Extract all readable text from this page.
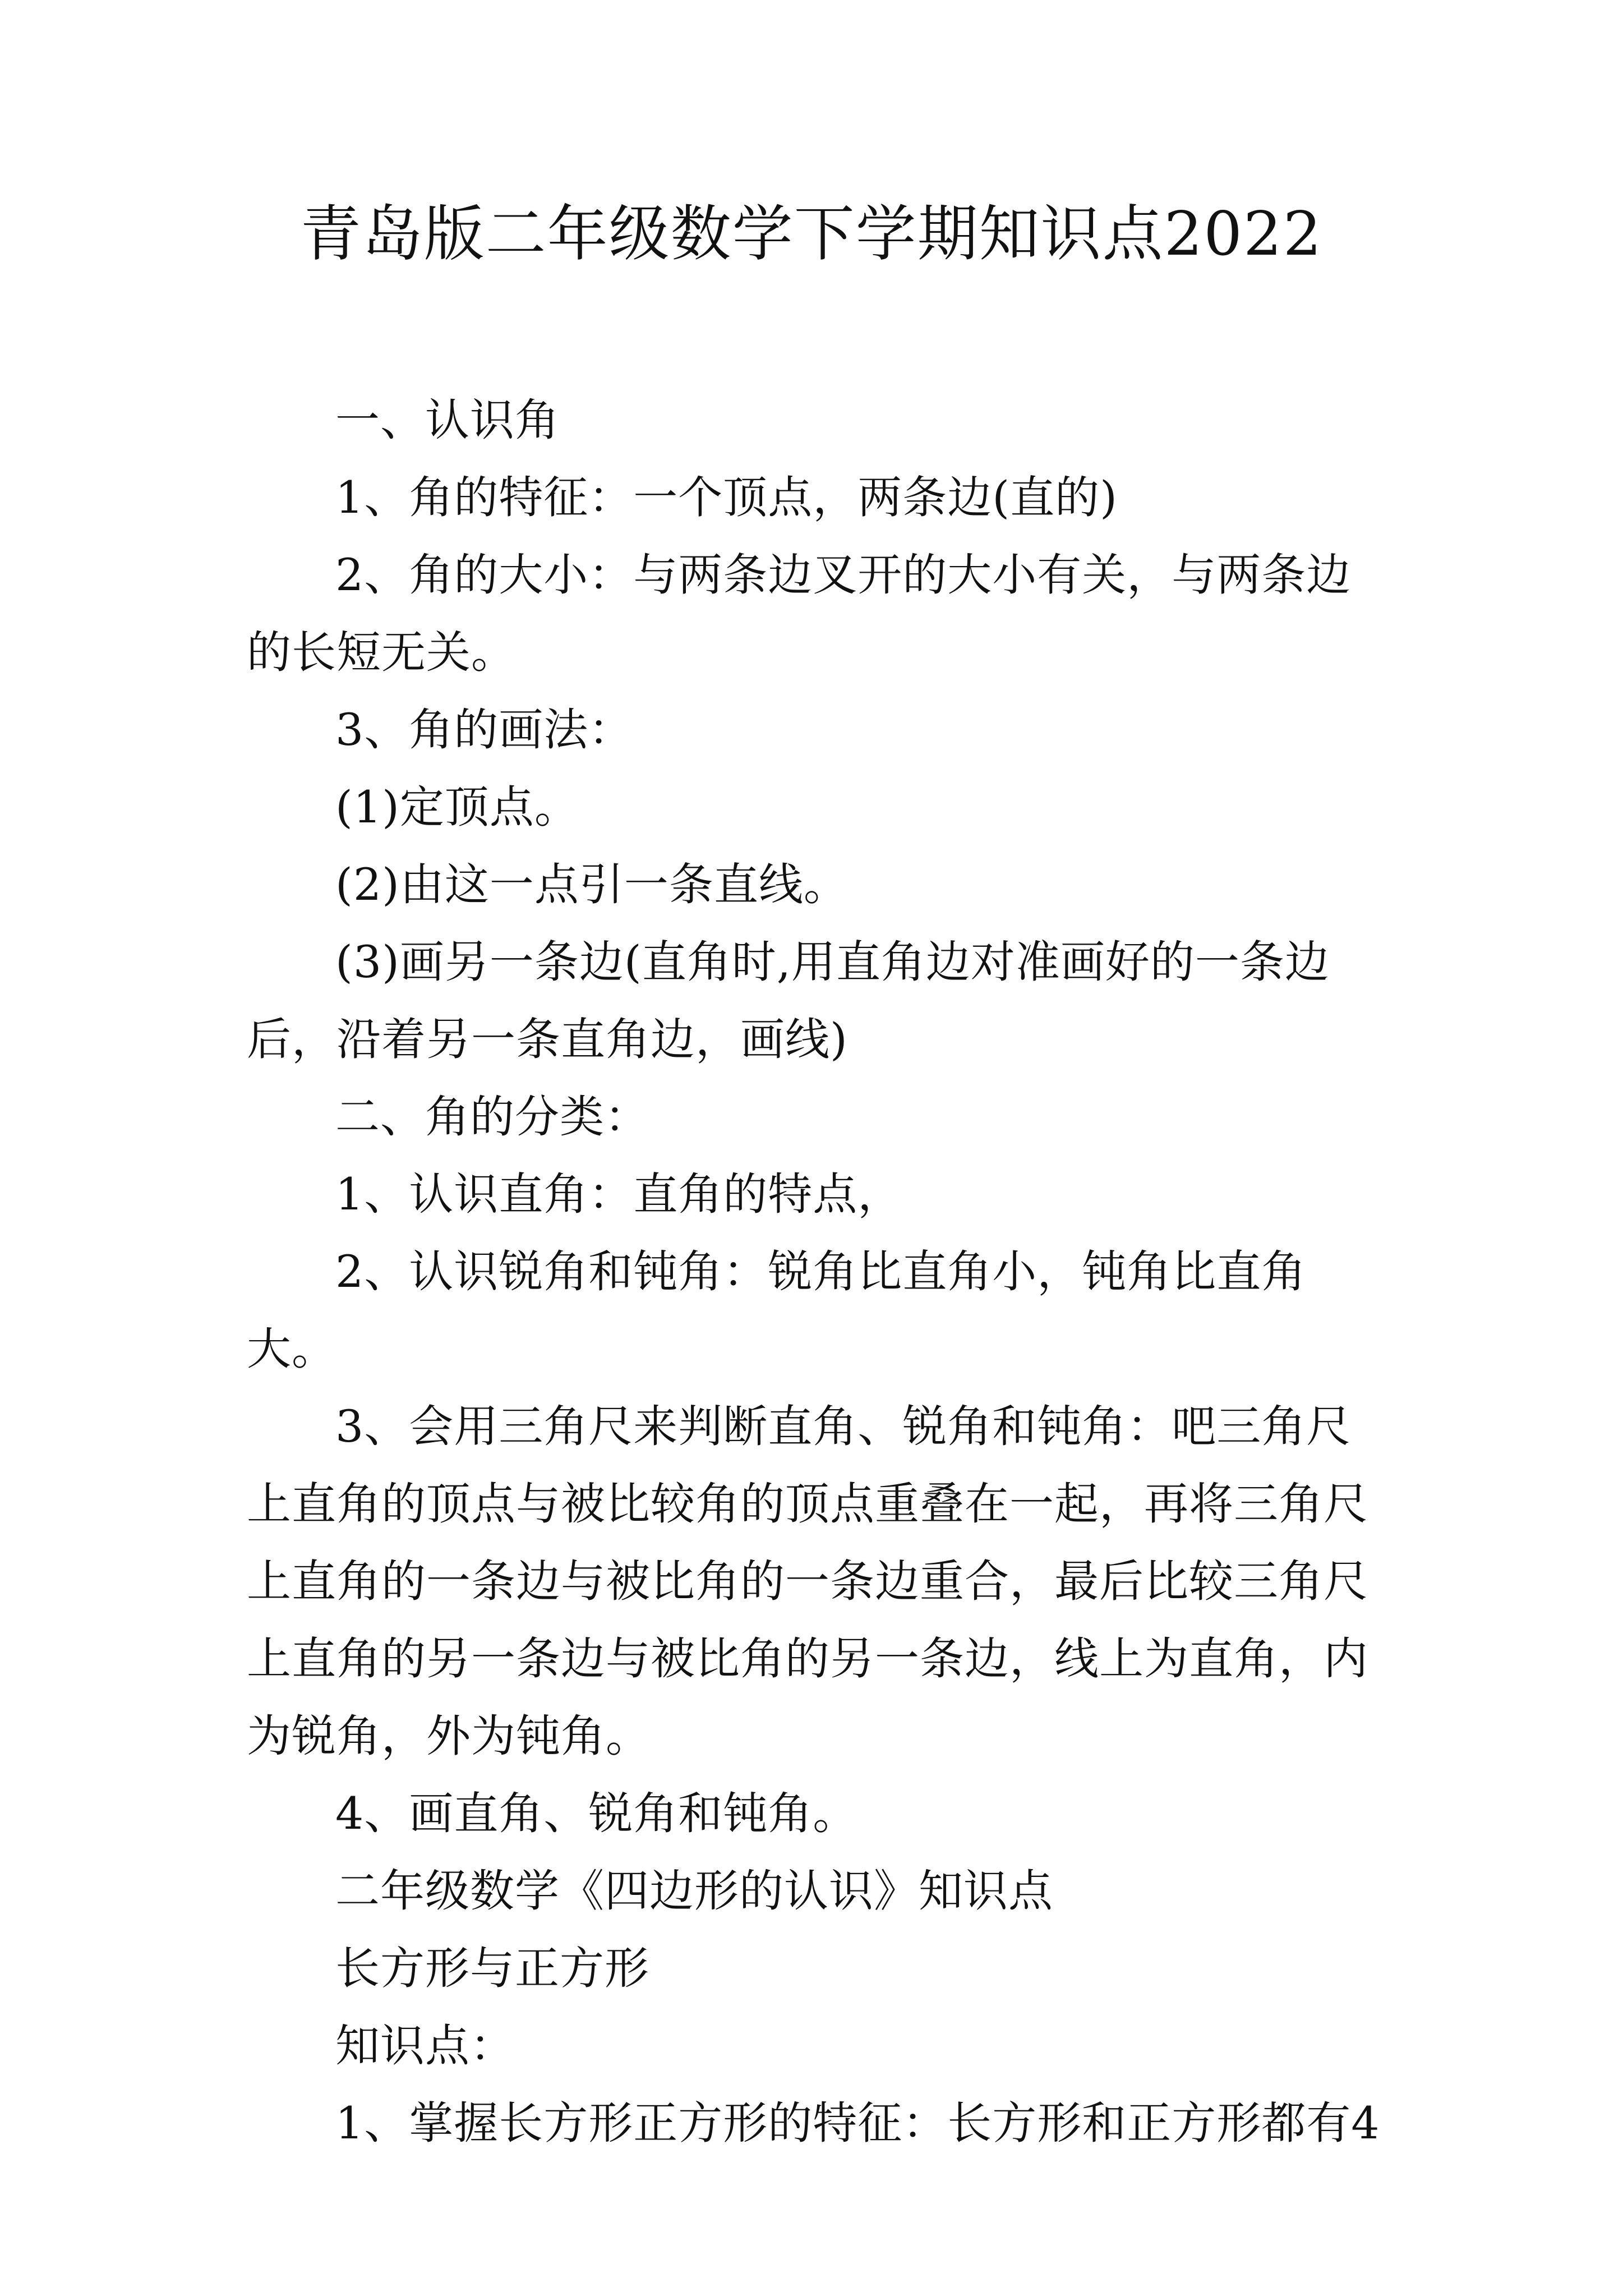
青岛版二年级数学下学期知识点2022

一、认识角

1、角的特征：一个顶点，两条边(直的)

2、角的大小：与两条边叉开的大小有关，与两条边的长短无关。

3、角的画法：

(1)定顶点。

(2)由这一点引一条直线。

(3)画另一条边(直角时,用直角边对准画好的一条边后，沿着另一条直角边，画线)

二、角的分类：

1、认识直角：直角的特点，

2、认识锐角和钝角：锐角比直角小，钝角比直角大。

3、会用三角尺来判断直角、锐角和钝角：吧三角尺上直角的顶点与被比较角的顶点重叠在一起，再将三角尺上直角的一条边与被比角的一条边重合，最后比较三角尺上直角的另一条边与被比角的另一条边，线上为直角，内为锐角，外为钝角。

4、画直角、锐角和钝角。

二年级数学《四边形的认识》知识点

长方形与正方形

知识点：

1、掌握长方形正方形的特征：长方形和正方形都有4
